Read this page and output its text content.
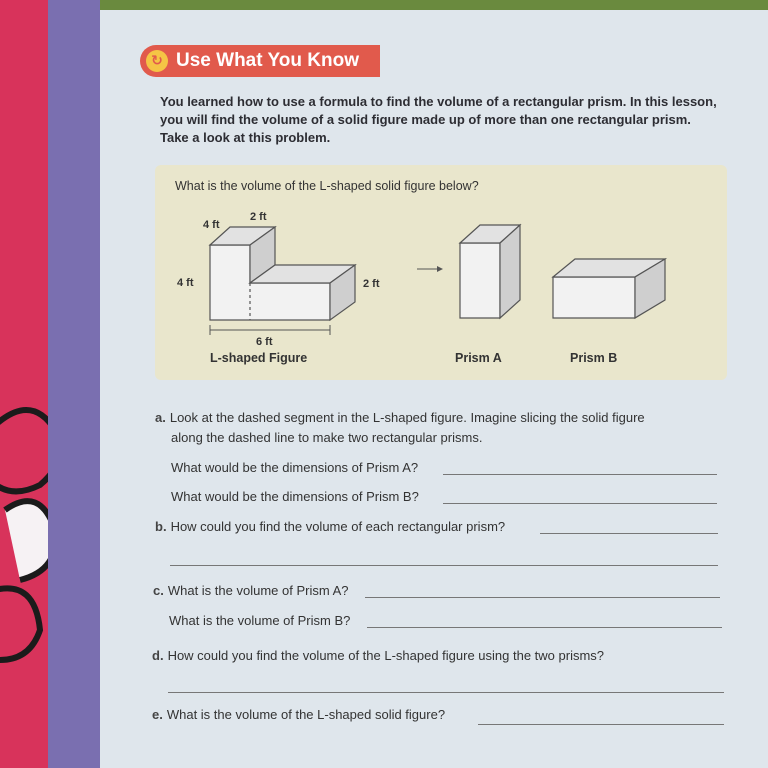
↻ Use What You Know
You learned how to use a formula to find the volume of a rectangular prism. In this lesson, you will find the volume of a solid figure made up of more than one rectangular prism. Take a look at this problem.
What is the volume of the L-shaped solid figure below?
4 ft
2 ft
4 ft	2 ft
6 ft
L-shaped Figure	Prism A	Prism B
a. Look at the dashed segment in the L-shaped figure. Imagine slicing the solid figure
along the dashed line to make two rectangular prisms.
What would be the dimensions of Prism A?
What would be the dimensions of Prism B?
b. How could you find the volume of each rectangular prism?
c. What is the volume of Prism A?
What is the volume of Prism B?
d. How could you find the volume of the L-shaped figure using the two prisms?
e. What is the volume of the L-shaped solid figure?
